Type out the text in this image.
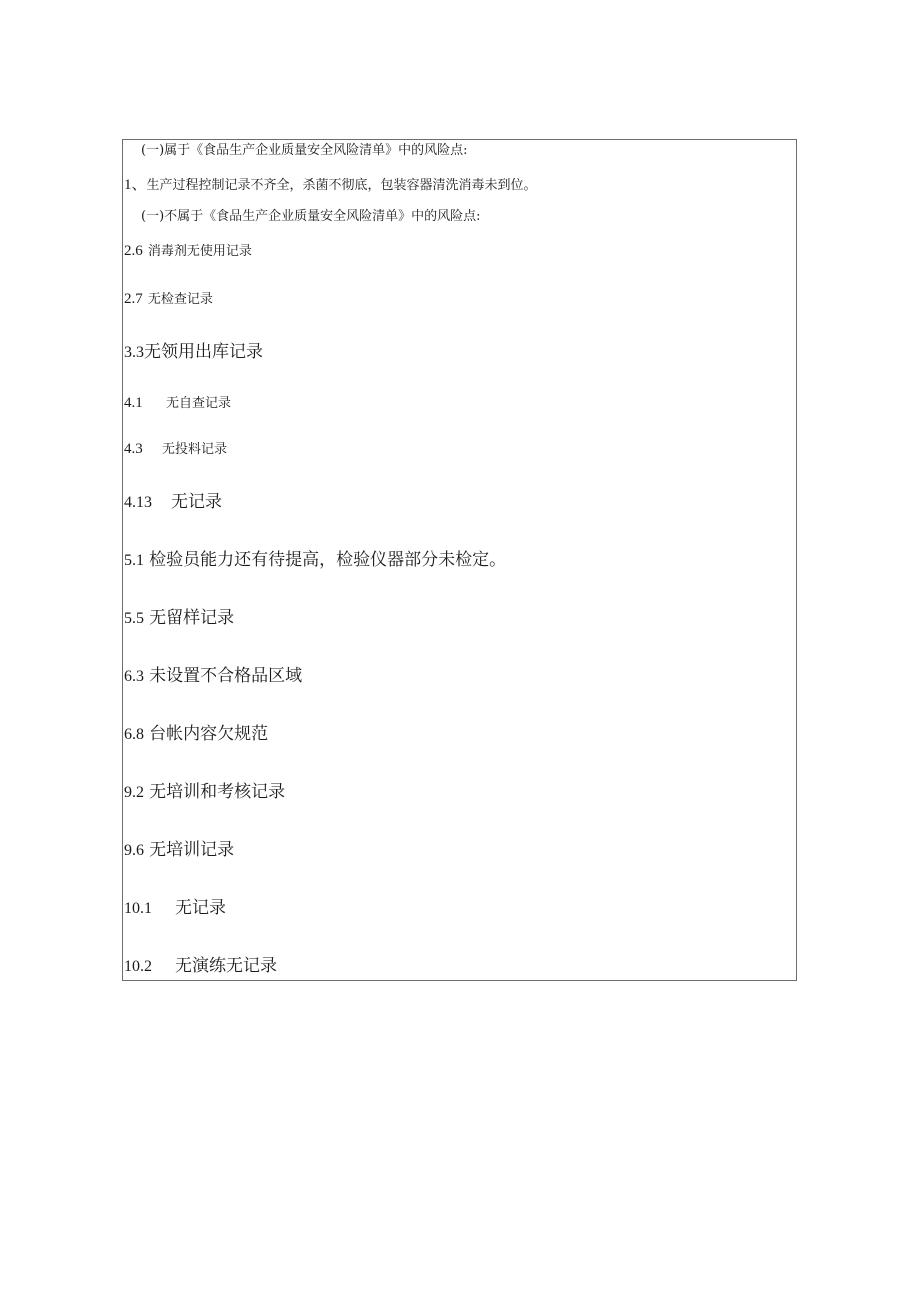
(一)属于《食品生产企业质量安全风险清单》中的风险点:
1、生产过程控制记录不齐全，杀菌不彻底，包装容器清洗消毒未到位。
(一)不属于《食品生产企业质量安全风险清单》中的风险点:
2.6 消毒剂无使用记录
2.7 无检查记录
3.3无领用出库记录
4.1 无自查记录
4.3 无投料记录
4.13 无记录
5.1 检验员能力还有待提高，检验仪器部分未检定。
5.5 无留样记录
6.3 未设置不合格品区域
6.8 台帐内容欠规范
9.2 无培训和考核记录
9.6 无培训记录
10.1 无记录
10.2 无演练无记录
